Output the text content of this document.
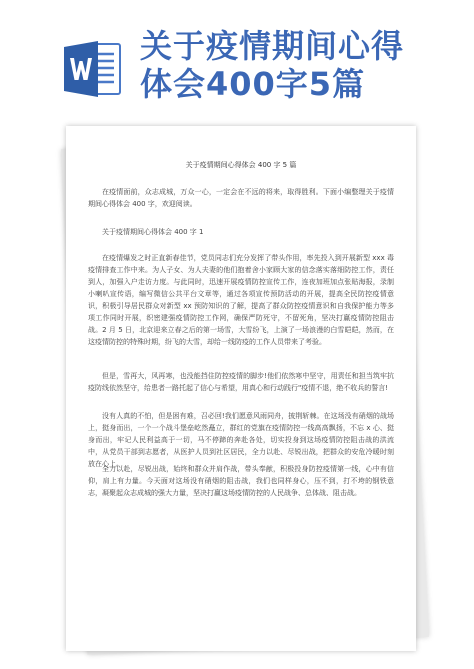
关于疫情期间心得
体会400字5篇
关于疫情期间心得体会 400 字 5 篇

在疫情面前，众志成城，万众一心，一定会在不远的将来，取得胜利。下面小编整理关于疫情期间心得体会 400 字，欢迎阅读。

关于疫情期间心得体会 400 字 1

在疫情爆发之时正直新春佳节，党员同志们充分发挥了带头作用，率先投入到开展新型 xxx 毒疫情排查工作中来。为人子女、为人夫妻的他们抱着舍小家顾大家的信念落实落细防控工作，责任到人，加强入户走访力度。与此同时，迅速开展疫情防控宣传工作，连夜加班加点张贴海报，录制小喇叭宣传语，编写微信公共平台文章等，通过各项宣传预防活动的开展，提高全民防控疫情意识，积极引导居民群众对新型 xx 预防知识的了解，提高了群众防控疫情意识和自我保护能力等多项工作同时开展，织密建强疫情防控工作网，确保严防死守，不留死角，坚决打赢疫情防控阻击战。2 月 5 日，北京迎来立春之后的第一场雪，大雪纷飞，上演了一场浪漫的白雪皑皑，然而，在这疫情防控的特殊时期，纷飞的大雪，却给一线防疫的工作人员带来了考验。

但是，雪再大，风再寒，也没能挡住防控疫情的脚步!他们依然寒中坚守，用责任和担当筑牢抗疫防线依然坚守，给患者一路托起了信心与希望，用真心和行动践行"疫情不退，绝不收兵的誓言!

没有人真的不怕，但是困有难，召必回!我们愿意风雨同舟，披荆斩棘。在这场没有硝烟的战场上，挺身而出，一个一个战斗堡垒屹然矗立，群红的党旗在疫情防控一线高高飘扬，不忘 x 心、挺身而出，牢记人民利益高于一切，马不停蹄的奔赴各处，切实投身到这场疫情防控阻击战的洪流中，从党员干部到志愿者，从医护人员到社区居民，全力以赴、尽锐出战，把群众的安危冷暖时刻放在心上。

全力以赴，尽锐出战，始终和群众并肩作战，带头奉献，积极投身防控疫情第一线，心中有信仰，肩上有力量。今天面对这场没有硝烟的阻击战，我们也同样身心，压不到，打不垮的钢铁意志，凝聚起众志成城的强大力量，坚决打赢这场疫情防控的人民战争、总体战、阻击战。
